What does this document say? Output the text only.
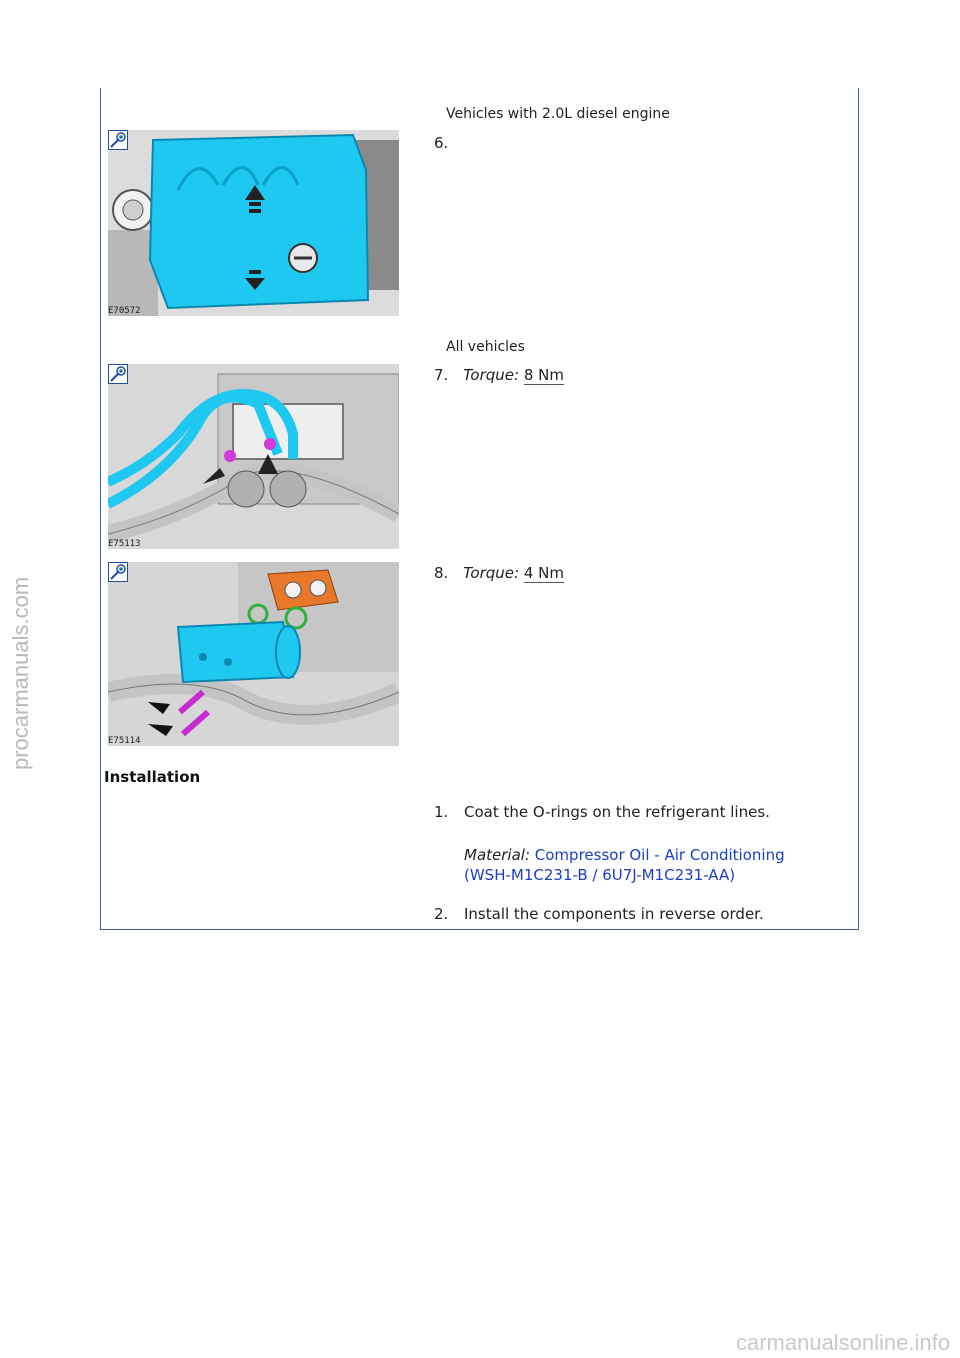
Vehicles with 2.0L diesel engine
E70572
6.
All vehicles
E75113
7. Torque: 8 Nm
E75114
8. Torque: 4 Nm
Installation
1. Coat the O-rings on the refrigerant lines.
Material: Compressor Oil - Air Conditioning
(WSH-M1C231-B / 6U7J-M1C231-AA)
2. Install the components in reverse order.
procarmanuals.com
carmanualsonline.info
